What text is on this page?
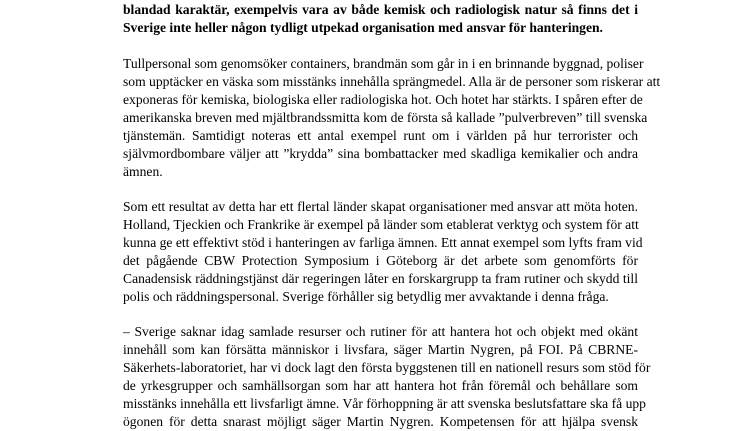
blandad karaktär, exempelvis vara av både kemisk och radiologisk natur så finns det i
Sverige inte heller någon tydligt utpekad organisation med ansvar för hanteringen.
Tullpersonal som genomsöker containers, brandmän som går in i en brinnande byggnad, poliser
som upptäcker en väska som misstänks innehålla sprängmedel. Alla är de personer som riskerar att
exponeras för kemiska, biologiska eller radiologiska hot. Och hotet har stärkts. I spåren efter de
amerikanska breven med mjältbrandssmitta kom de första så kallade ”pulverbreven” till svenska
tjänstemän. Samtidigt noteras ett antal exempel runt om i världen på hur terrorister och
självmordbombare väljer att ”krydda” sina bombattacker med skadliga kemikalier och andra
ämnen.
Som ett resultat av detta har ett flertal länder skapat organisationer med ansvar att möta hoten.
Holland, Tjeckien och Frankrike är exempel på länder som etablerat verktyg och system för att
kunna ge ett effektivt stöd i hanteringen av farliga ämnen. Ett annat exempel som lyfts fram vid
det pågående CBW Protection Symposium i Göteborg är det arbete som genomförts för
Canadensisk räddningstjänst där regeringen låter en forskargrupp ta fram rutiner och skydd till
polis och räddningspersonal. Sverige förhåller sig betydlig mer avvaktande i denna fråga.
– Sverige saknar idag samlade resurser och rutiner för att hantera hot och objekt med okänt
innehåll som kan försätta människor i livsfara, säger Martin Nygren, på FOI. På CBRNE-
Säkerhets-laboratoriet, har vi dock lagt den första byggstenen till en nationell resurs som stöd för
de yrkesgrupper och samhällsorgan som har att hantera hot från föremål och behållare som
misstänks innehålla ett livsfarligt ämne. Vår förhoppning är att svenska beslutsfattare ska få upp
ögonen för detta snarast möjligt säger Martin Nygren. Kompetensen för att hjälpa svensk
